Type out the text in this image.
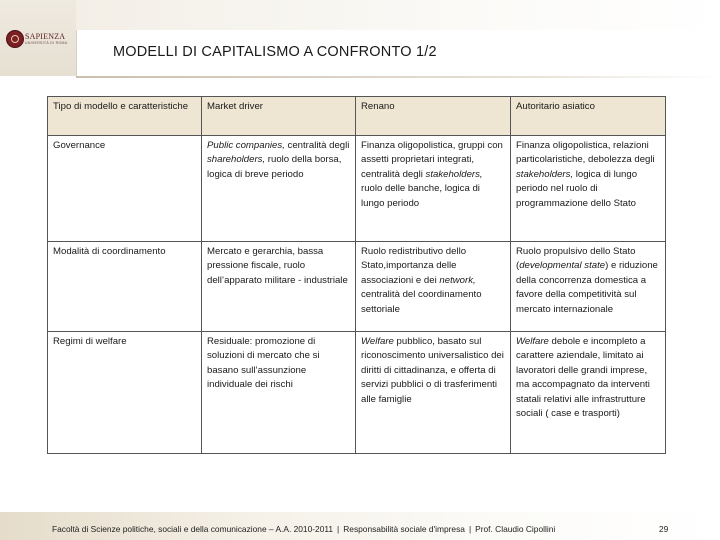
SAPIENZA
UNIVERSITÀ DI ROMA
MODELLI DI CAPITALISMO A CONFRONTO 1/2
Tipo di modello e caratteristiche	Market driver	Renano	Autoritario asiatico
Governance	Public companies, centralità degli shareholders, ruolo della borsa, logica di breve periodo	Finanza oligopolistica, gruppi con assetti proprietari integrati, centralità degli stakeholders, ruolo delle banche, logica di lungo periodo	Finanza oligopolistica, relazioni particolaristiche, debolezza degli stakeholders, logica di lungo periodo nel ruolo di programmazione dello Stato
Modalità di coordinamento	Mercato e gerarchia, bassa pressione fiscale, ruolo dell’apparato militare - industriale	Ruolo redistributivo dello Stato,importanza delle associazioni e dei network, centralità del coordinamento settoriale	Ruolo propulsivo dello Stato (developmental state) e riduzione della concorrenza domestica a favore della competitività sul mercato internazionale
Regimi di welfare	Residuale: promozione di soluzioni di mercato che si basano sull’assunzione individuale dei rischi	Welfare pubblico, basato sul riconoscimento universalistico dei diritti di cittadinanza, e offerta di servizi pubblici o di trasferimenti alle famiglie	Welfare debole e incompleto a carattere aziendale, limitato ai lavoratori delle grandi imprese, ma accompagnato da interventi statali relativi alle infrastrutture sociali ( case e trasporti)
Facoltà di Scienze politiche, sociali e della comunicazione – A.A. 2010-2011 | Responsabilità sociale d'impresa | Prof. Claudio Cipollini	29
